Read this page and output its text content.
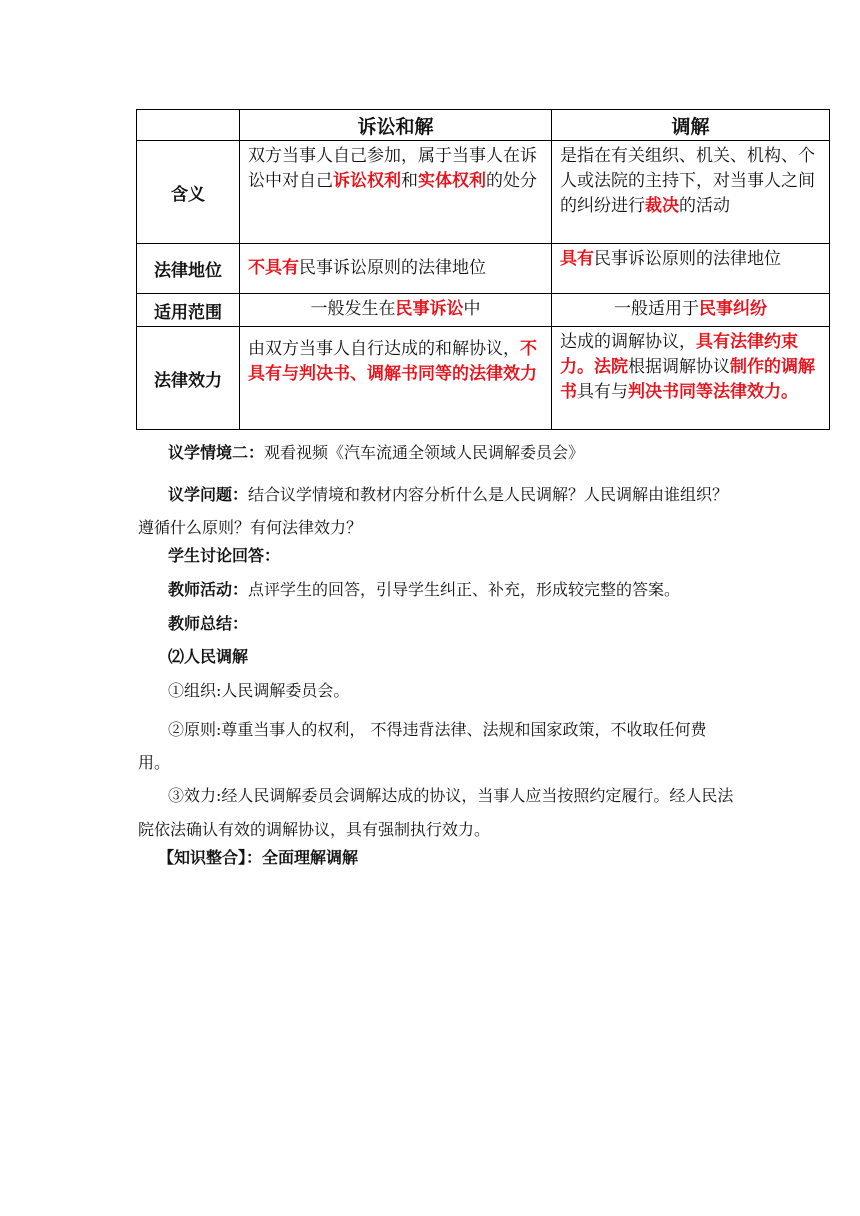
	诉讼和解	调解
含义	双方当事人自己参加，属于当事人在诉讼中对自己诉讼权利和实体权利的处分	是指在有关组织、机关、机构、个人或法院的主持下，对当事人之间的纠纷进行裁决的活动
法律地位	不具有民事诉讼原则的法律地位	具有民事诉讼原则的法律地位
适用范围	一般发生在民事诉讼中	一般适用于民事纠纷
法律效力	由双方当事人自行达成的和解协议，不具有与判决书、调解书同等的法律效力	达成的调解协议，具有法律约束力。法院根据调解协议制作的调解书具有与判决书同等法律效力。
议学情境二：观看视频《汽车流通全领域人民调解委员会》
议学问题：结合议学情境和教材内容分析什么是人民调解？人民调解由谁组织？遵循什么原则？有何法律效力？
学生讨论回答：
教师活动：点评学生的回答，引导学生纠正、补充，形成较完整的答案。
教师总结：
⑵人民调解
①组织:人民调解委员会。
②原则:尊重当事人的权利， 不得违背法律、法规和国家政策，不收取任何费用。
③效力:经人民调解委员会调解达成的协议，当事人应当按照约定履行。经人民法院依法确认有效的调解协议，具有强制执行效力。
【知识整合】：全面理解调解
